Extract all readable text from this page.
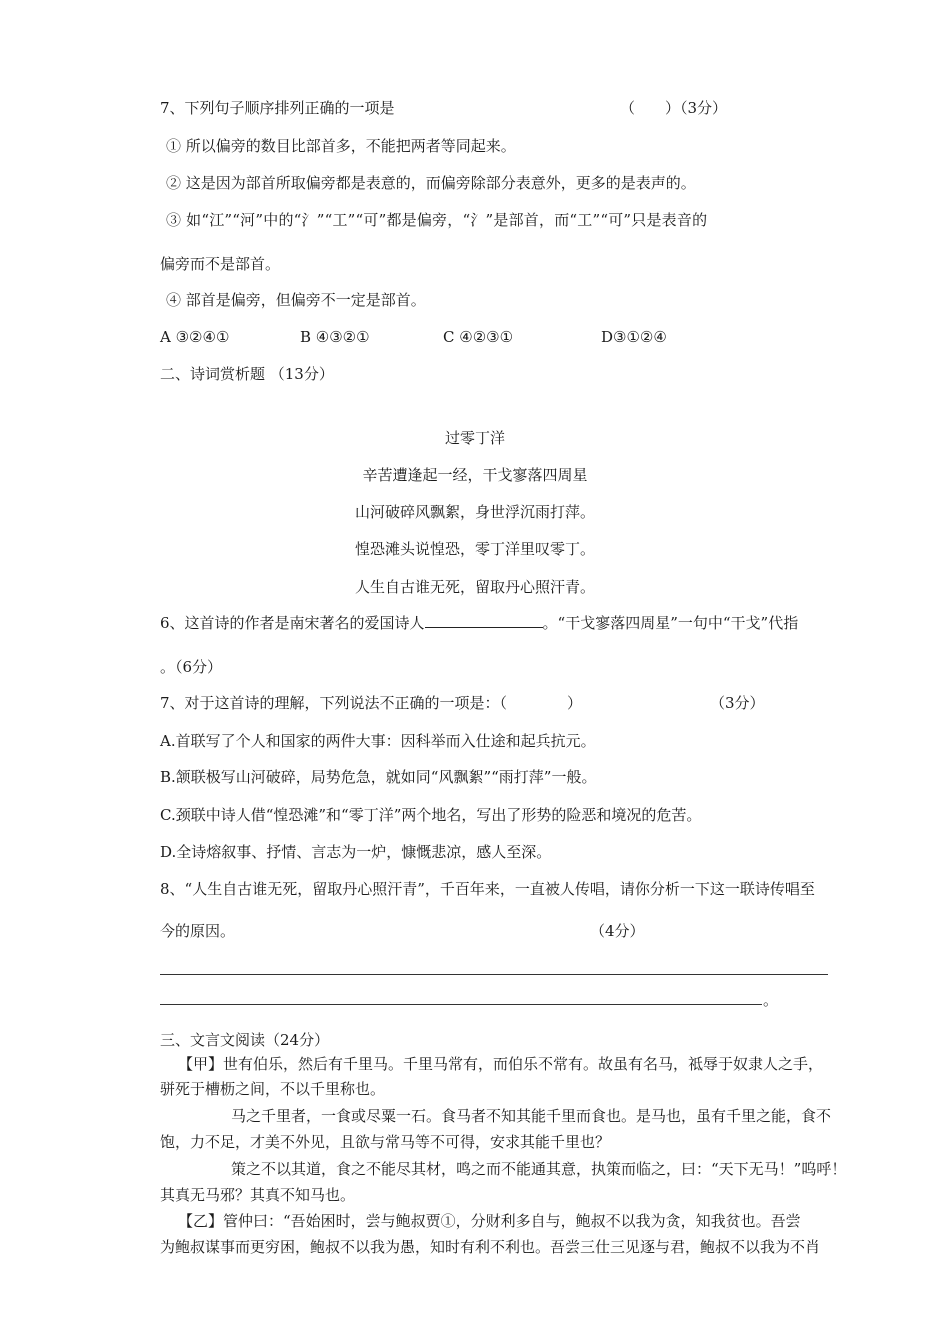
7、下列句子顺序排列正确的一项是	（　　）（3分）
① 所以偏旁的数目比部首多，不能把两者等同起来。
② 这是因为部首所取偏旁都是表意的，而偏旁除部分表意外，更多的是表声的。
③ 如“江”“河”中的“氵”“工”“可”都是偏旁，“氵”是部首，而“工”“可”只是表音的
偏旁而不是部首。
④ 部首是偏旁，但偏旁不一定是部首。
A ③②④①	B ④③②①	C ④②③①	D③①②④
二、诗词赏析题 （13分）
过零丁洋
辛苦遭逢起一经，干戈寥落四周星
山河破碎风飘絮，身世浮沉雨打萍。
惶恐滩头说惶恐，零丁洋里叹零丁。
人生自古谁无死，留取丹心照汗青。
6、这首诗的作者是南宋著名的爱国诗人	。“干戈寥落四周星”一句中“干戈”代指
。（6分）
7、对于这首诗的理解，下列说法不正确的一项是：（　　　　）	（3分）
A.首联写了个人和国家的两件大事：因科举而入仕途和起兵抗元。
B.颔联极写山河破碎，局势危急，就如同“风飘絮”“雨打萍”一般。
C.颈联中诗人借“惶恐滩”和“零丁洋”两个地名，写出了形势的险恶和境况的危苦。
D.全诗熔叙事、抒情、言志为一炉，慷慨悲凉，感人至深。
8、“人生自古谁无死，留取丹心照汗青”，千百年来，一直被人传唱，请你分析一下这一联诗传唱至
今的原因。	（4分）
。
三、文言文阅读（24分）
【甲】世有伯乐，然后有千里马。千里马常有，而伯乐不常有。故虽有名马，祗辱于奴隶人之手，
骈死于槽枥之间，不以千里称也。
马之千里者，一食或尽粟一石。食马者不知其能千里而食也。是马也，虽有千里之能，食不
饱，力不足，才美不外见，且欲与常马等不可得，安求其能千里也？
策之不以其道，食之不能尽其材，鸣之而不能通其意，执策而临之，曰：“天下无马！”呜呼！
其真无马邪？其真不知马也。
【乙】管仲曰：“吾始困时，尝与鲍叔贾①，分财利多自与，鲍叔不以我为贪，知我贫也。吾尝
为鲍叔谋事而更穷困，鲍叔不以我为愚，知时有利不利也。吾尝三仕三见逐与君，鲍叔不以我为不肖
